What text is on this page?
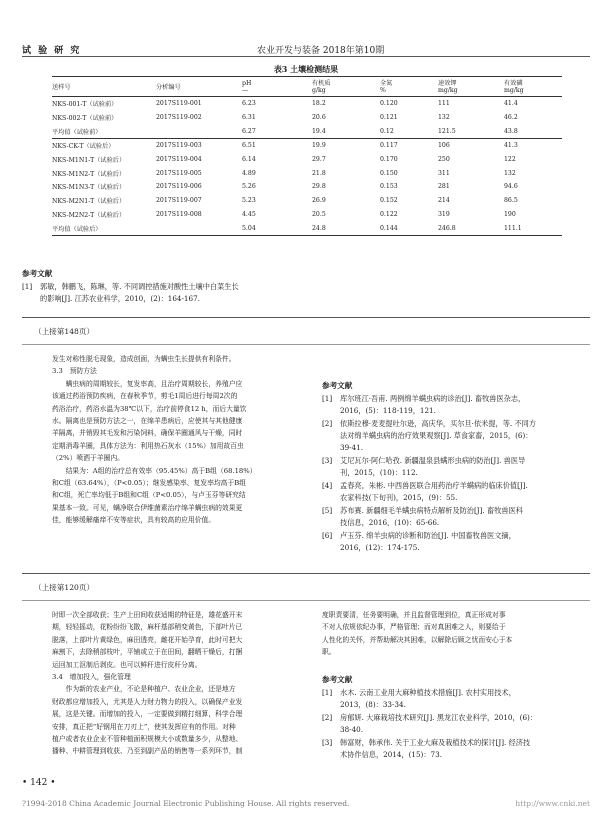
试 验 研 究	农业开发与装备 2018年第10期
表3 土壤检测结果
送样号	分析编号	pH	有机质	全氮	速效钾	有效磷
		—	g/kg	%	mg/kg	mg/kg
NKS-001-T（试验前）	2017S119-001	6.23	18.2	0.120	111	41.4
NKS-002-T（试验前）	2017S119-002	6.31	20.6	0.121	132	46.2
平均值（试验前）		6.27	19.4	0.12	121.5	43.8
NKS-CK-T（试验后）	2017S119-003	6.51	19.9	0.117	106	41.3
NKS-M1N1-T（试验后）	2017S119-004	6.14	29.7	0.170	250	122
NKS-M1N2-T（试验后）	2017S119-005	4.89	21.8	0.150	311	132
NKS-M1N3-T（试验后）	2017S119-006	5.26	29.8	0.153	281	94.6
NKS-M2N1-T（试验后）	2017S119-007	5.23	26.9	0.152	214	86.5
NKS-M2N2-T（试验后）	2017S119-008	4.45	20.5	0.122	319	190
平均值（试验后）		5.04	24.8	0.144	246.8	111.1
参考文献
[1] 郭敏，韩鹏飞，陈琳，等. 不同调控措施对酸性土壤中白菜生长
的影响[J]. 江苏农业科学，2010，(2)：164-167.
（上接第148页）
发生对称性脱毛现象，造成创面，为螨虫生长提供有利条件。
3.3　预防方法
　　螨虫病的周期较长，复发率高，且治疗周期较长，养殖户应
该通过药浴预防疾病，在春秋季节，剪毛1周后进行每周2次的
药浴治疗，药浴水温为38℃以下，治疗前停食12 h，而后大量饮
水。隔离也是预防方法之一，在绵羊患病后，应使其与其他健康
羊隔离，并销毁其毛发和污染饲料，确保羊圈通风与干燥，同时
定期消毒羊圈，具体方法为：利用热石灰水（15%）加用故百虫
（2%）喷洒于羊圈内。
　　结果为：A组的治疗总有效率（95.45%）高于B组（68.18%）
和C组（63.64%），（P<0.05）；继发感染率、复发率均高于B组
和C组，死亡率均低于B组和C组（P<0.05），与卢玉芬等研究结
果基本一致。可见，螨净联合伊维菌素治疗绵羊螨虫病的效果更
佳，能够缓解瘙痒不安等症状，具有较高的应用价值。
参考文献
[1] 库尔班江·吾甫. 两例绵羊螨虫病的诊治[J]. 畜牧兽医杂志，
2016，(5)：118-119，121.
[2] 依斯拉穆·麦麦提吐尔逊，高庆华，买尔旦·依米提，等. 不同方
法对绵羊螨虫病的治疗效果观察[J]. 草食家畜，2015，(6)：
39-41.
[3] 艾尼瓦尔·阿仁哈孜. 新疆温泉县螨形虫病的防治[J]. 兽医导
刊，2015，(10)：112.
[4] 孟春亮，朱彬. 中西兽医联合用药治疗羊螨病的临床价值[J].
农家科技(下旬刊)，2015，(9)：55.
[5] 苏布赛. 新疆细毛羊螨虫病特点解析及防治[J]. 畜牧兽医科
技信息，2016，(10)：65-66.
[6] 卢玉芬. 绵羊虫病的诊断和防治[J]. 中国畜牧兽医文摘，
2016，(12)：174-175.
（上接第120页）
时即一次全部收获；生产上田间收获适期的特征是，雄花盛开末
期，轻轻摇动，花粉纷纷飞散，麻杆基部稍变黄色，下部叶片已
脱落，上部叶片黄绿色，麻田透亮，雌花开始孕育，此时可把大
麻割下，去除稍部枝叶，平铺或立于在田间，翻晒干燥后，打捆
运回加工沤制后剥皮。也可以鲜秆进行皮秆分离。
3.4　增加投入，强化管理
　　作为新的农业产业，不论是种植户、农业企业，还是地方
财政都应增加投入，尤其是人力财力物力的投入，以确保产业发
展，这是关键。而增加的投入，一定要做到精打细算，科学合理
安排，真正把“好钢用在刀刃上”，使其发挥应有的作用。对种
植户或者农业企业不管种植面积规模大小或数量多少，从整地、
播种、中耕管理到收获、乃至到副产品的销售等一系列环节，制
度职责要清，任务要明确，并且监督管理到位，真正形成对事
不对人依规依纪办事，严格管理；而对真困难之人，则要给于
人性化的关怀，并帮助解决其困难，以解除后顾之忧而安心于本
职。
参考文献
[1] 水木. 云南工业用大麻种植技术措施[J]. 农村实用技术，
2013，(8)：33-34.
[2] 房郁妍. 大麻栽培技术研究[J]. 黑龙江农业科学，2010，(6)：
38-40.
[3] 韩富财，韩承伟. 关于工业大麻及栽植技术的探讨[J]. 经济技
术协作信息，2014，(15)：73.
• 142 •
?1994-2018 China Academic Journal Electronic Publishing House. All rights reserved.	http://www.cnki.net
